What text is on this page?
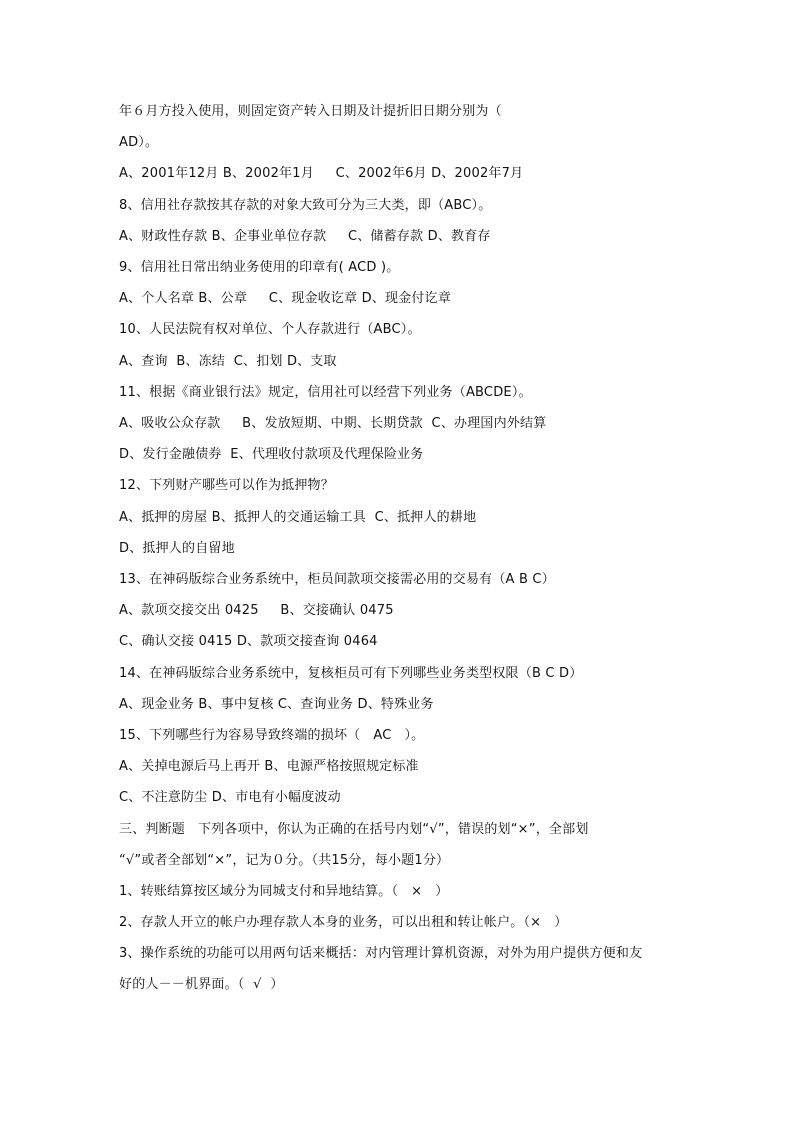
年６月方投入使用，则固定资产转入日期及计提折旧日期分别为（
AD）。
A、2001年12月 B、2002年1月     C、2002年6月 D、2002年7月
8、信用社存款按其存款的对象大致可分为三大类，即（ABC）。
A、财政性存款 B、企事业单位存款     C、储蓄存款 D、教育存
9、信用社日常出纳业务使用的印章有( ACD )。
A、个人名章 B、公章     C、现金收讫章 D、现金付讫章
10、人民法院有权对单位、个人存款进行（ABC）。
A、查询  B、冻结  C、扣划 D、支取
11、根据《商业银行法》规定，信用社可以经营下列业务（ABCDE）。
A、吸收公众存款     B、发放短期、中期、长期贷款  C、办理国内外结算
D、发行金融债券  E、代理收付款项及代理保险业务
12、下列财产哪些可以作为抵押物？
A、抵押的房屋 B、抵押人的交通运输工具  C、抵押人的耕地
D、抵押人的自留地
13、在神码版综合业务系统中，柜员间款项交接需必用的交易有（A B C）
A、款项交接交出 0425     B、交接确认 0475
C、确认交接 0415 D、款项交接查询 0464
14、在神码版综合业务系统中，复核柜员可有下列哪些业务类型权限（B C D）
A、现金业务 B、事中复核 C、查询业务 D、特殊业务
15、下列哪些行为容易导致终端的损坏（   AC   ）。
A、关掉电源后马上再开 B、电源严格按照规定标准
C、不注意防尘 D、市电有小幅度波动
三、判断题   下列各项中，你认为正确的在括号内划“√”，错误的划“×”，全部划
“√”或者全部划“×”，记为０分。（共15分，每小题1分）
1、转账结算按区域分为同城支付和异地结算。（   ×   ）
2、存款人开立的帐户办理存款人本身的业务，可以出租和转让帐户。（×   ）
3、操作系统的功能可以用两句话来概括：对内管理计算机资源，对外为用户提供方便和友
好的人－－机界面。（  √  ）
